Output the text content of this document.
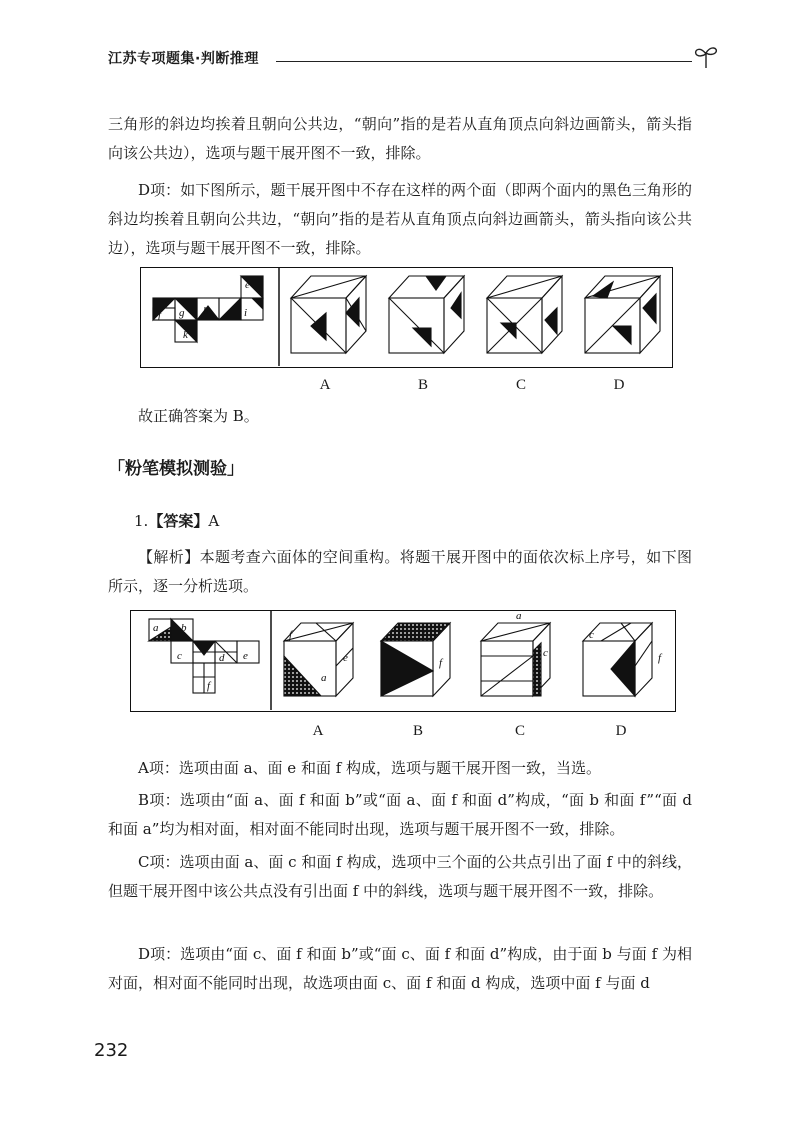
江苏专项题集·判断推理

三角形的斜边均挨着且朝向公共边，“朝向”指的是若从直角顶点向斜边画箭头，箭头指向该公共边），选项与题干展开图不一致，排除。

D项：如下图所示，题干展开图中不存在这样的两个面（即两个面内的黑色三角形的斜边均挨着且朝向公共边，“朝向”指的是若从直角顶点向斜边画箭头，箭头指向该公共边），选项与题干展开图不一致，排除。

e
f g h	i
k
A	B	C	D

故正确答案为 B。

「粉笔模拟测验」
1.【答案】A

【解析】本题考查六面体的空间重构。将题干展开图中的面依次标上序号，如下图所示，逐一分析选项。

a b
c	d e
f
f
e
a
a
f
a
c
c
f
A	B	C	D

A项：选项由面 a、面 e 和面 f 构成，选项与题干展开图一致，当选。

B项：选项由“面 a、面 f 和面 b”或“面 a、面 f 和面 d”构成，“面 b 和面 f”“面 d 和面 a”均为相对面，相对面不能同时出现，选项与题干展开图不一致，排除。

C项：选项由面 a、面 c 和面 f 构成，选项中三个面的公共点引出了面 f 中的斜线，但题干展开图中该公共点没有引出面 f 中的斜线，选项与题干展开图不一致，排除。

D项：选项由“面 c、面 f 和面 b”或“面 c、面 f 和面 d”构成，由于面 b 与面 f 为相对面，相对面不能同时出现，故选项由面 c、面 f 和面 d 构成，选项中面 f 与面 d

232
